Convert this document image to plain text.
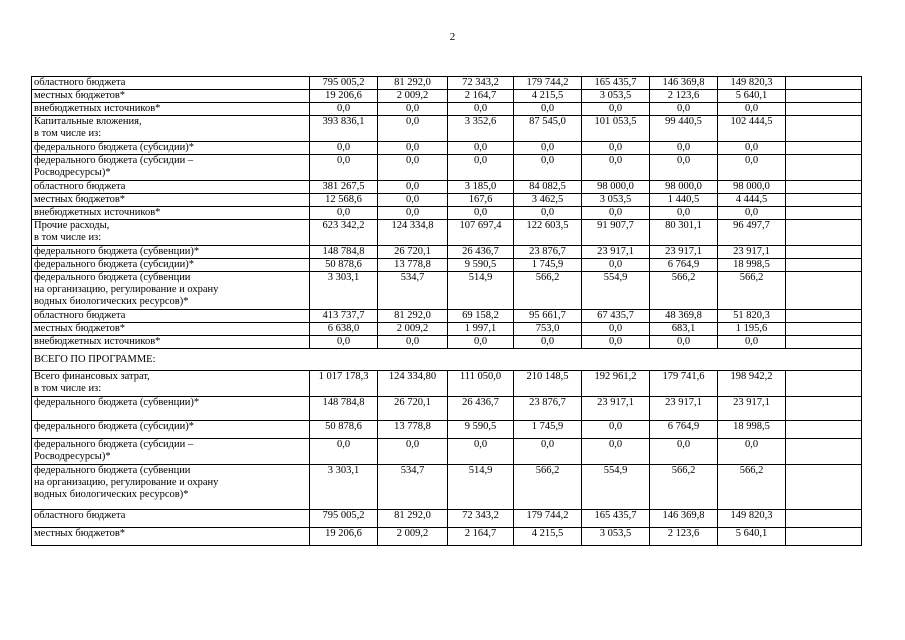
2
областного бюджета	795 005,2	81 292,0	72 343,2	179 744,2	165 435,7	146 369,8	149 820,3	
местных бюджетов*	19 206,6	2 009,2	2 164,7	4 215,5	3 053,5	2 123,6	5 640,1	
внебюджетных источников*	0,0	0,0	0,0	0,0	0,0	0,0	0,0	
Капитальные вложения,
в том числе из:	393 836,1	0,0	3 352,6	87 545,0	101 053,5	99 440,5	102 444,5	
федерального бюджета (субсидии)*	0,0	0,0	0,0	0,0	0,0	0,0	0,0	
федерального бюджета (субсидии –
Росводресурсы)*	0,0	0,0	0,0	0,0	0,0	0,0	0,0	
областного бюджета	381 267,5	0,0	3 185,0	84 082,5	98 000,0	98 000,0	98 000,0	
местных бюджетов*	12 568,6	0,0	167,6	3 462,5	3 053,5	1 440,5	4 444,5	
внебюджетных источников*	0,0	0,0	0,0	0,0	0,0	0,0	0,0	
Прочие расходы,
в том числе из:	623 342,2	124 334,8	107 697,4	122 603,5	91 907,7	80 301,1	96 497,7	
федерального бюджета (субвенции)*	148 784,8	26 720,1	26 436,7	23 876,7	23 917,1	23 917,1	23 917,1	
федерального бюджета (субсидии)*	50 878,6	13 778,8	9 590,5	1 745,9	0,0	6 764,9	18 998,5	
федерального бюджета (субвенции
на организацию, регулирование и охрану
водных биологических ресурсов)*	3 303,1	534,7	514,9	566,2	554,9	566,2	566,2	
областного бюджета	413 737,7	81 292,0	69 158,2	95 661,7	67 435,7	48 369,8	51 820,3	
местных бюджетов*	6 638,0	2 009,2	1 997,1	753,0	0,0	683,1	1 195,6	
внебюджетных источников*	0,0	0,0	0,0	0,0	0,0	0,0	0,0	
ВСЕГО ПО ПРОГРАММЕ:								
Всего финансовых затрат,
в том числе из:	1 017 178,3	124 334,80	111 050,0	210 148,5	192 961,2	179 741,6	198 942,2	
федерального бюджета (субвенции)*	148 784,8	26 720,1	26 436,7	23 876,7	23 917,1	23 917,1	23 917,1	
федерального бюджета (субсидии)*	50 878,6	13 778,8	9 590,5	1 745,9	0,0	6 764,9	18 998,5	
федерального бюджета (субсидии –
Росводресурсы)*	0,0	0,0	0,0	0,0	0,0	0,0	0,0	
федерального бюджета (субвенции
на организацию, регулирование и охрану
водных биологических ресурсов)*	3 303,1	534,7	514,9	566,2	554,9	566,2	566,2	
областного бюджета	795 005,2	81 292,0	72 343,2	179 744,2	165 435,7	146 369,8	149 820,3	
местных бюджетов*	19 206,6	2 009,2	2 164,7	4 215,5	3 053,5	2 123,6	5 640,1	
